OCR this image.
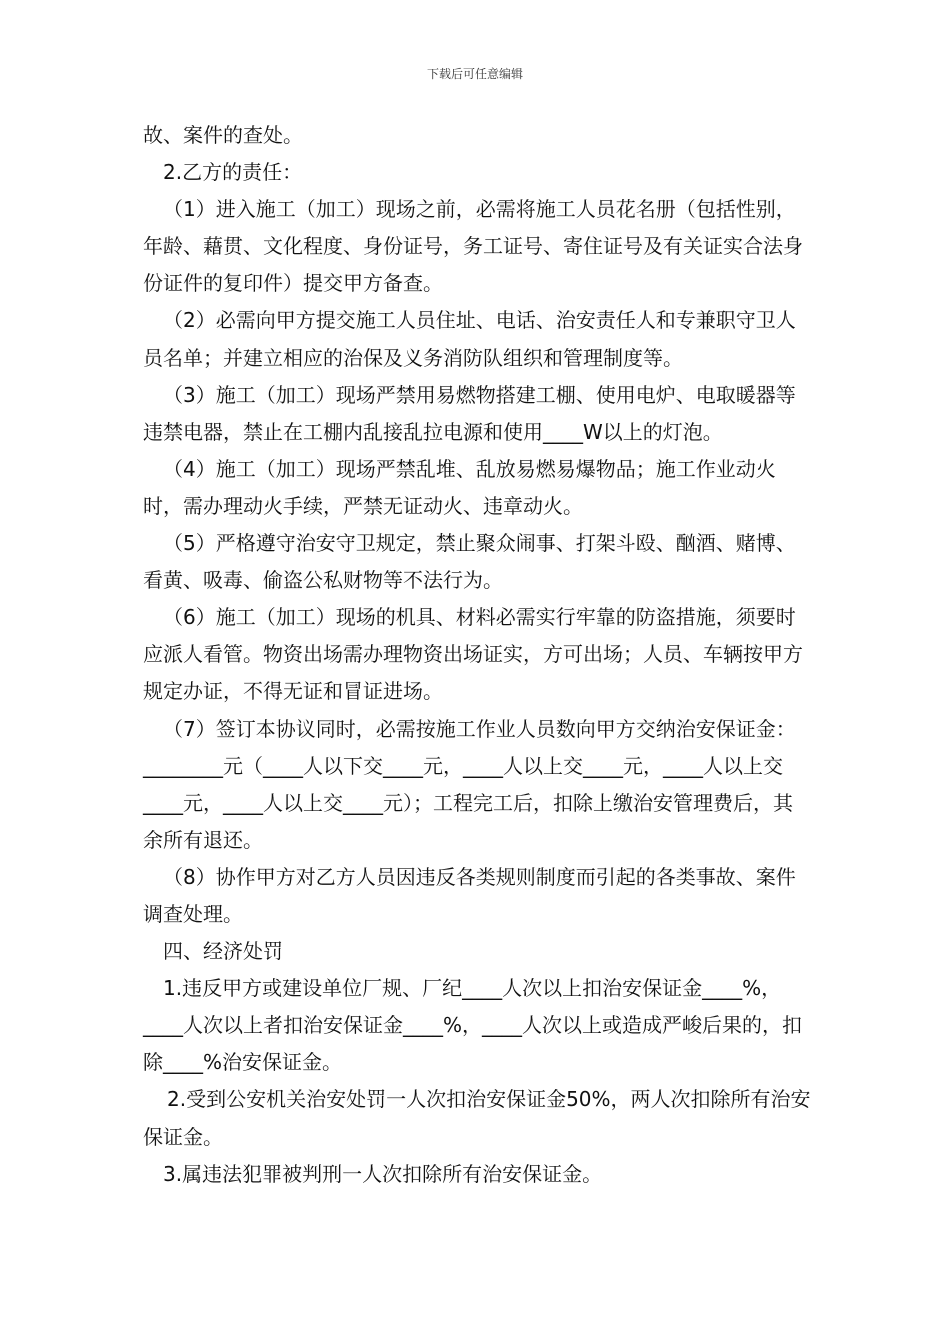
下载后可任意编辑

故、案件的查处。

2.乙方的责任：

（1）进入施工（加工）现场之前，必需将施工人员花名册（包括性别，年龄、藉贯、文化程度、身份证号，务工证号、寄住证号及有关证实合法身份证件的复印件）提交甲方备查。

（2）必需向甲方提交施工人员住址、电话、治安责任人和专兼职守卫人员名单；并建立相应的治保及义务消防队组织和管理制度等。

（3）施工（加工）现场严禁用易燃物搭建工棚、使用电炉、电取暖器等违禁电器，禁止在工棚内乱接乱拉电源和使用____W以上的灯泡。

（4）施工（加工）现场严禁乱堆、乱放易燃易爆物品；施工作业动火时，需办理动火手续，严禁无证动火、违章动火。

（5）严格遵守治安守卫规定，禁止聚众闹事、打架斗殴、酗酒、赌博、看黄、吸毒、偷盗公私财物等不法行为。

（6）施工（加工）现场的机具、材料必需实行牢靠的防盗措施，须要时应派人看管。物资出场需办理物资出场证实，方可出场；人员、车辆按甲方规定办证，不得无证和冒证进场。

（7）签订本协议同时，必需按施工作业人员数向甲方交纳治安保证金：________元（____人以下交____元，____人以上交____元，____人以上交____元，____人以上交____元）；工程完工后，扣除上缴治安管理费后，其余所有退还。

（8）协作甲方对乙方人员因违反各类规则制度而引起的各类事故、案件调查处理。

四、经济处罚

1.违反甲方或建设单位厂规、厂纪____人次以上扣治安保证金____%，____人次以上者扣治安保证金____%，____人次以上或造成严峻后果的，扣除____%治安保证金。

2.受到公安机关治安处罚一人次扣治安保证金50%，两人次扣除所有治安保证金。

3.属违法犯罪被判刑一人次扣除所有治安保证金。
